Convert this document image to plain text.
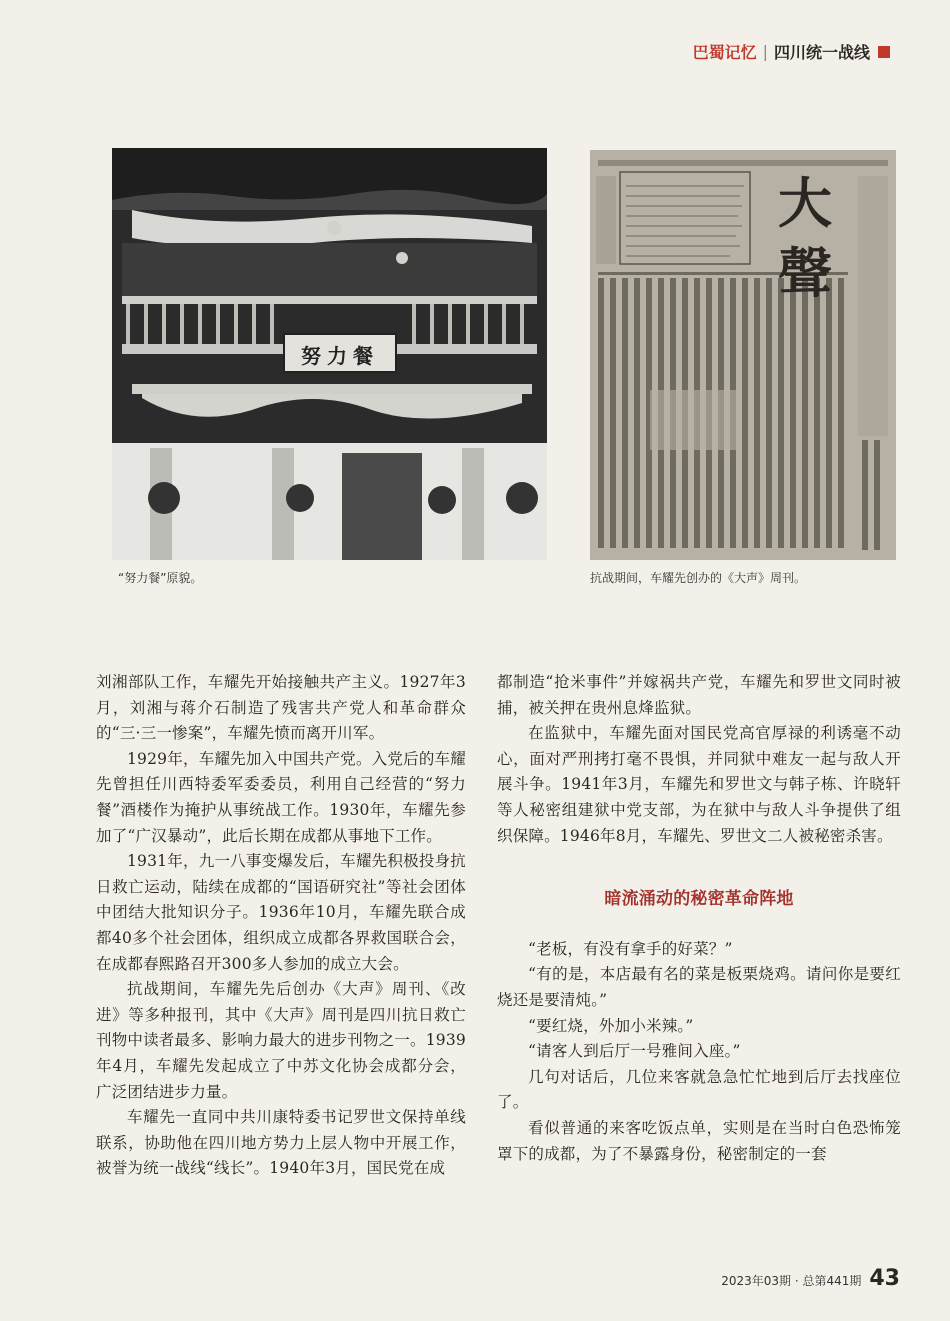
巴蜀记忆 | 四川统一战线
努力餐
“努力餐”原貌。
大聲
抗战期间，车耀先创办的《大声》周刊。

刘湘部队工作，车耀先开始接触共产主义。1927年3月，刘湘与蒋介石制造了残害共产党人和革命群众的“三·三一惨案”，车耀先愤而离开川军。

1929年，车耀先加入中国共产党。入党后的车耀先曾担任川西特委军委委员，利用自己经营的“努力餐”酒楼作为掩护从事统战工作。1930年，车耀先参加了“广汉暴动”，此后长期在成都从事地下工作。

1931年，九一八事变爆发后，车耀先积极投身抗日救亡运动，陆续在成都的“国语研究社”等社会团体中团结大批知识分子。1936年10月，车耀先联合成都40多个社会团体，组织成立成都各界救国联合会，在成都春熙路召开300多人参加的成立大会。

抗战期间，车耀先先后创办《大声》周刊、《改进》等多种报刊，其中《大声》周刊是四川抗日救亡刊物中读者最多、影响力最大的进步刊物之一。1939年4月，车耀先发起成立了中苏文化协会成都分会，广泛团结进步力量。

车耀先一直同中共川康特委书记罗世文保持单线联系，协助他在四川地方势力上层人物中开展工作，被誉为统一战线“线长”。1940年3月，国民党在成

都制造“抢米事件”并嫁祸共产党，车耀先和罗世文同时被捕，被关押在贵州息烽监狱。

在监狱中，车耀先面对国民党高官厚禄的利诱毫不动心，面对严刑拷打毫不畏惧，并同狱中难友一起与敌人开展斗争。1941年3月，车耀先和罗世文与韩子栋、许晓轩等人秘密组建狱中党支部，为在狱中与敌人斗争提供了组织保障。1946年8月，车耀先、罗世文二人被秘密杀害。

暗流涌动的秘密革命阵地

“老板，有没有拿手的好菜？”

“有的是，本店最有名的菜是板栗烧鸡。请问你是要红烧还是要清炖。”

“要红烧，外加小米辣。”

“请客人到后厅一号雅间入座。”

几句对话后，几位来客就急急忙忙地到后厅去找座位了。

看似普通的来客吃饭点单，实则是在当时白色恐怖笼罩下的成都，为了不暴露身份，秘密制定的一套

2023年03期 · 总第441期 43
